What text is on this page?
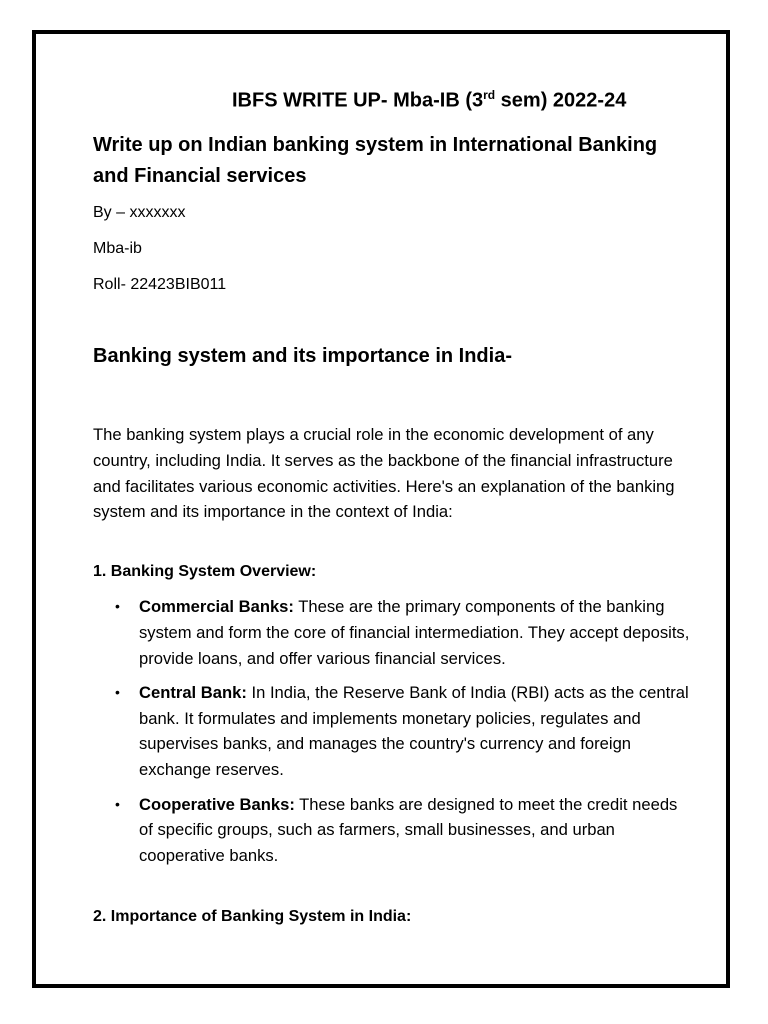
IBFS WRITE UP- Mba-IB (3rd sem) 2022-24
Write up on Indian banking system in International Banking and Financial services
By – xxxxxxx
Mba-ib
Roll- 22423BIB011
Banking system and its importance in India-
The banking system plays a crucial role in the economic development of any country, including India. It serves as the backbone of the financial infrastructure and facilitates various economic activities. Here's an explanation of the banking system and its importance in the context of India:
1. Banking System Overview:
• Commercial Banks: These are the primary components of the banking system and form the core of financial intermediation. They accept deposits, provide loans, and offer various financial services.
• Central Bank: In India, the Reserve Bank of India (RBI) acts as the central bank. It formulates and implements monetary policies, regulates and supervises banks, and manages the country's currency and foreign exchange reserves.
• Cooperative Banks: These banks are designed to meet the credit needs of specific groups, such as farmers, small businesses, and urban cooperative banks.
2. Importance of Banking System in India:
